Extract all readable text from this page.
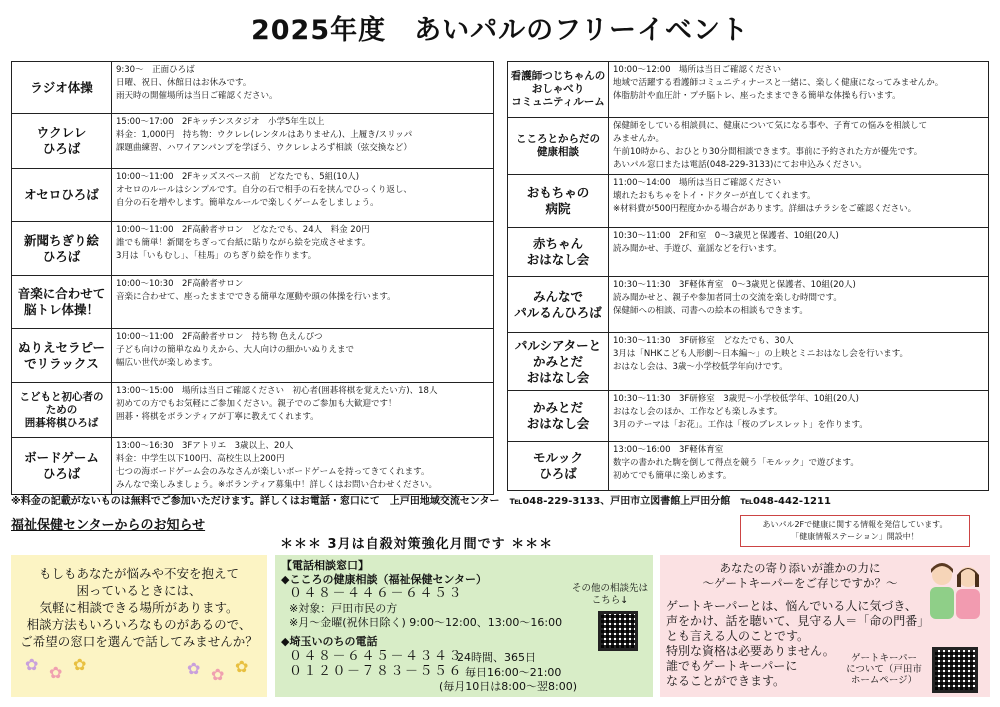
2025年度　あいパルのフリーイベント
ラジオ体操	9:30～　正面ひろば
日曜、祝日、休館日はお休みです。
雨天時の開催場所は当日ご確認ください。

ウクレレ
ひろば	15:00～17:00　2Fキッチンスタジオ　小学5年生以上
料金：1,000円　持ち物：ウクレレ(レンタルはありません)、上履き/スリッパ
課題曲練習、ハワイアンパンプを学ぼう、ウクレレよろず相談（弦交換など）

オセロひろば	10:00～11:00　2Fキッズスペース前　どなたでも、5組(10人)
オセロのルールはシンプルです。自分の石で相手の石を挟んでひっくり返し、
自分の石を増やします。簡単なルールで楽しくゲームをしましょう。

新聞ちぎり絵
ひろば	10:00～11:00　2F高齢者サロン　どなたでも、24人　料金 20円
誰でも簡単！新聞をちぎって台紙に貼りながら絵を完成させます。
3月は「いもむし」、「桂馬」のちぎり絵を作ります。

音楽に合わせて
脳トレ体操！	10:00～10:30　2F高齢者サロン
音楽に合わせて、座ったままでできる簡単な運動や頭の体操を行います。

ぬりえセラピー
でリラックス	10:00～11:00　2F高齢者サロン　持ち物 色えんぴつ
子ども向けの簡単なぬりえから、大人向けの細かいぬりえまで
幅広い世代が楽しめます。

こどもと初心者の
ための
囲碁将棋ひろば	13:00～15:00　場所は当日ご確認ください　初心者(囲碁将棋を覚えたい方)、18人
初めての方でもお気軽にご参加ください。親子でのご参加も大歓迎です！
囲碁・将棋をボランティアが丁寧に教えてくれます。

ボードゲーム
ひろば	13:00～16:30　3Fアトリエ　3歳以上、20人
料金：中学生以下100円、高校生以上200円
七つの海ボードゲーム会のみなさんが楽しいボードゲームを持ってきてくれます。
みんなで楽しみましょう。※ボランティア募集中！詳しくはお問い合わせください。
看護師つじちゃんの
おしゃべり
コミュニティルーム	10:00～12:00　場所は当日ご確認ください
地域で活躍する看護師コミュニティナースと一緒に、楽しく健康になってみませんか。
体脂肪計や血圧計・プチ脳トレ、座ったままできる簡単な体操も行います。

こころとからだの
健康相談	保健師をしている相談員に、健康について気になる事や、子育ての悩みを相談して
みませんか。
午前10時から、おひとり30分間相談できます。事前に予約された方が優先です。
あいパル窓口または電話(048-229-3133)にてお申込みください。

おもちゃの
病院	11:00～14:00　場所は当日ご確認ください
壊れたおもちゃをトイ・ドクターが直してくれます。
※材料費が500円程度かかる場合があります。詳細はチラシをご確認ください。

赤ちゃん
おはなし会	10:30～11:00　2F和室　0～3歳児と保護者、10組(20人)
読み聞かせ、手遊び、童謡などを行います。

みんなで
パルるんひろば	10:30～11:30　3F軽体育室　0～3歳児と保護者、10組(20人)
読み聞かせと、親子や参加者同士の交流を楽しむ時間です。
保健師への相談、司書への絵本の相談もできます。

パルシアターと
かみとだ
おはなし会	10:30～11:30　3F研修室　どなたでも、30人
3月は「NHKこども人形劇～日本編～」の上映とミニおはなし会を行います。
おはなし会は、3歳～小学校低学年向けです。

かみとだ
おはなし会	10:30～11:30　3F研修室　3歳児～小学校低学年、10組(20人)
おはなし会のほか、工作なども楽しみます。
3月のテーマは「お花」。工作は「桜のブレスレット」を作ります。

モルック
ひろば	13:00～16:00　3F軽体育室
数字の書かれた駒を倒して得点を競う「モルック」で遊びます。
初めてでも簡単に楽しめます。
※料金の記載がないものは無料でご参加いただけます。詳しくはお電話・窓口にて　上戸田地域交流センター　℡048-229-3133、戸田市立図書館上戸田分館　℡048-442-1211
福祉保健センターからのお知らせ
＊＊＊ 3月は自殺対策強化月間です ＊＊＊
あいパル2Fで健康に関する情報を発信しています。
「健康情報ステーション」開設中！
もしもあなたが悩みや不安を抱えて
困っているときには、
気軽に相談できる場所があります。
相談方法もいろいろなものがあるので、
ご希望の窓口を選んで話してみませんか？
✿ ✿ ✿	✿ ✿ ✿
【電話相談窓口】
◆こころの健康相談（福祉保健センター）
０４８－４４６－６４５３
※対象：戸田市民の方
※月～金曜(祝休日除く) 9:00～12:00、13:00～16:00
◆埼玉いのちの電話
０４８－６４５－４３４３
24時間、365日
０１２０－７８３－５５６ 毎日16:00～21:00
(毎月10日は8:00～翌8:00)
その他の相談先は
こちら↓
あなたの寄り添いが誰かの力に
～ゲートキーパーをご存じですか？～
ゲートキーパーとは、悩んでいる人に気づき、
声をかけ、話を聴いて、見守る人＝「命の門番」
とも言える人のことです。
特別な資格は必要ありません。
誰でもゲートキーパーに
なることができます。
ゲートキーパー
について（戸田市
ホームページ）
